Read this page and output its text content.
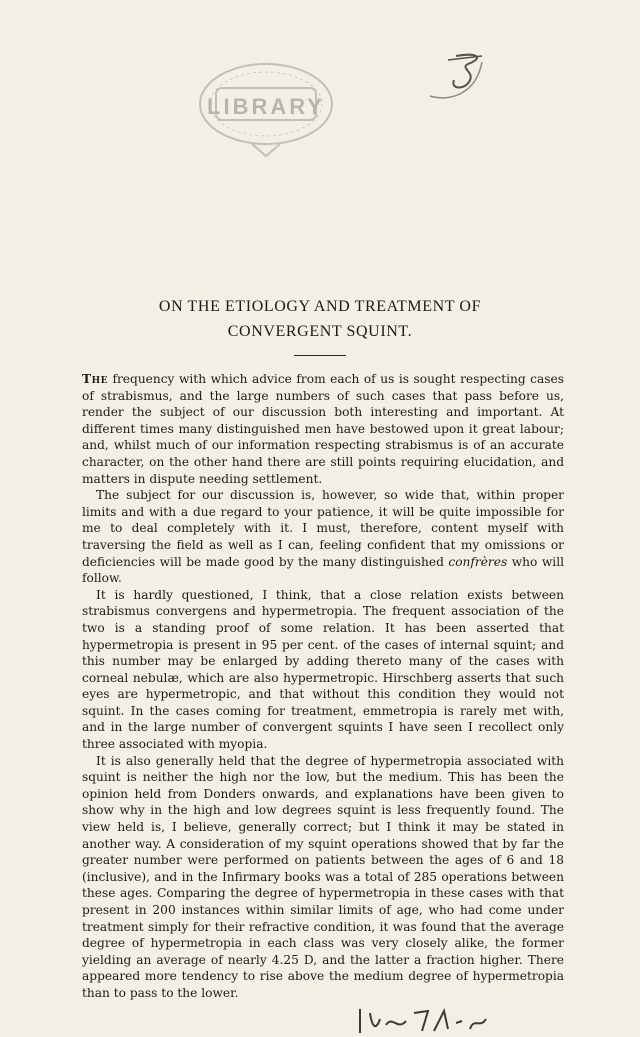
LIBRARY
ON THE ETIOLOGY AND TREATMENT OF
CONVERGENT SQUINT.

The frequency with which advice from each of us is sought respecting cases of strabismus, and the large numbers of such cases that pass before us, render the subject of our discussion both interesting and important. At different times many distinguished men have bestowed upon it great labour; and, whilst much of our information respecting strabismus is of an accurate character, on the other hand there are still points requiring elucidation, and matters in dispute needing settlement.

The subject for our discussion is, however, so wide that, within proper limits and with a due regard to your patience, it will be quite impossible for me to deal completely with it. I must, therefore, content myself with traversing the field as well as I can, feeling confident that my omissions or deficiencies will be made good by the many distinguished confrères who will follow.

It is hardly questioned, I think, that a close relation exists between strabismus convergens and hypermetropia. The frequent association of the two is a standing proof of some relation. It has been asserted that hypermetropia is present in 95 per cent. of the cases of internal squint; and this number may be enlarged by adding thereto many of the cases with corneal nebulæ, which are also hypermetropic. Hirschberg asserts that such eyes are hypermetropic, and that without this condition they would not squint. In the cases coming for treatment, emmetropia is rarely met with, and in the large number of convergent squints I have seen I recollect only three associated with myopia.

It is also generally held that the degree of hypermetropia associated with squint is neither the high nor the low, but the medium. This has been the opinion held from Donders onwards, and explanations have been given to show why in the high and low degrees squint is less frequently found. The view held is, I believe, generally correct; but I think it may be stated in another way. A consideration of my squint operations showed that by far the greater number were performed on patients between the ages of 6 and 18 (inclusive), and in the Infirmary books was a total of 285 operations between these ages. Comparing the degree of hypermetropia in these cases with that present in 200 instances within similar limits of age, who had come under treatment simply for their refractive condition, it was found that the average degree of hypermetropia in each class was very closely alike, the former yielding an average of nearly 4.25 D, and the latter a fraction higher. There appeared more tendency to rise above the medium degree of hypermetropia than to pass to the lower.
